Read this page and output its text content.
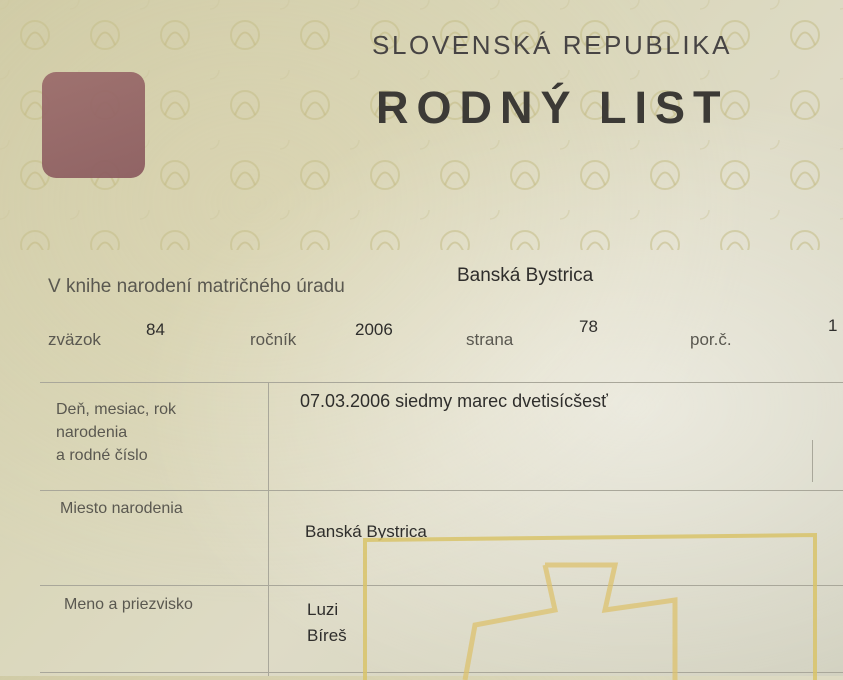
SLOVENSKÁ REPUBLIKA
RODNÝ LIST
V knihe narodení matričného úradu
Banská Bystrica
zväzok
84
ročník
2006
strana
78
por.č.
1
Deň, mesiac, rok
narodenia
a rodné číslo
07.03.2006 siedmy marec dvetisícšesť
Miesto narodenia
Banská Bystrica
Meno a priezvisko	Luzi
Bíreš
